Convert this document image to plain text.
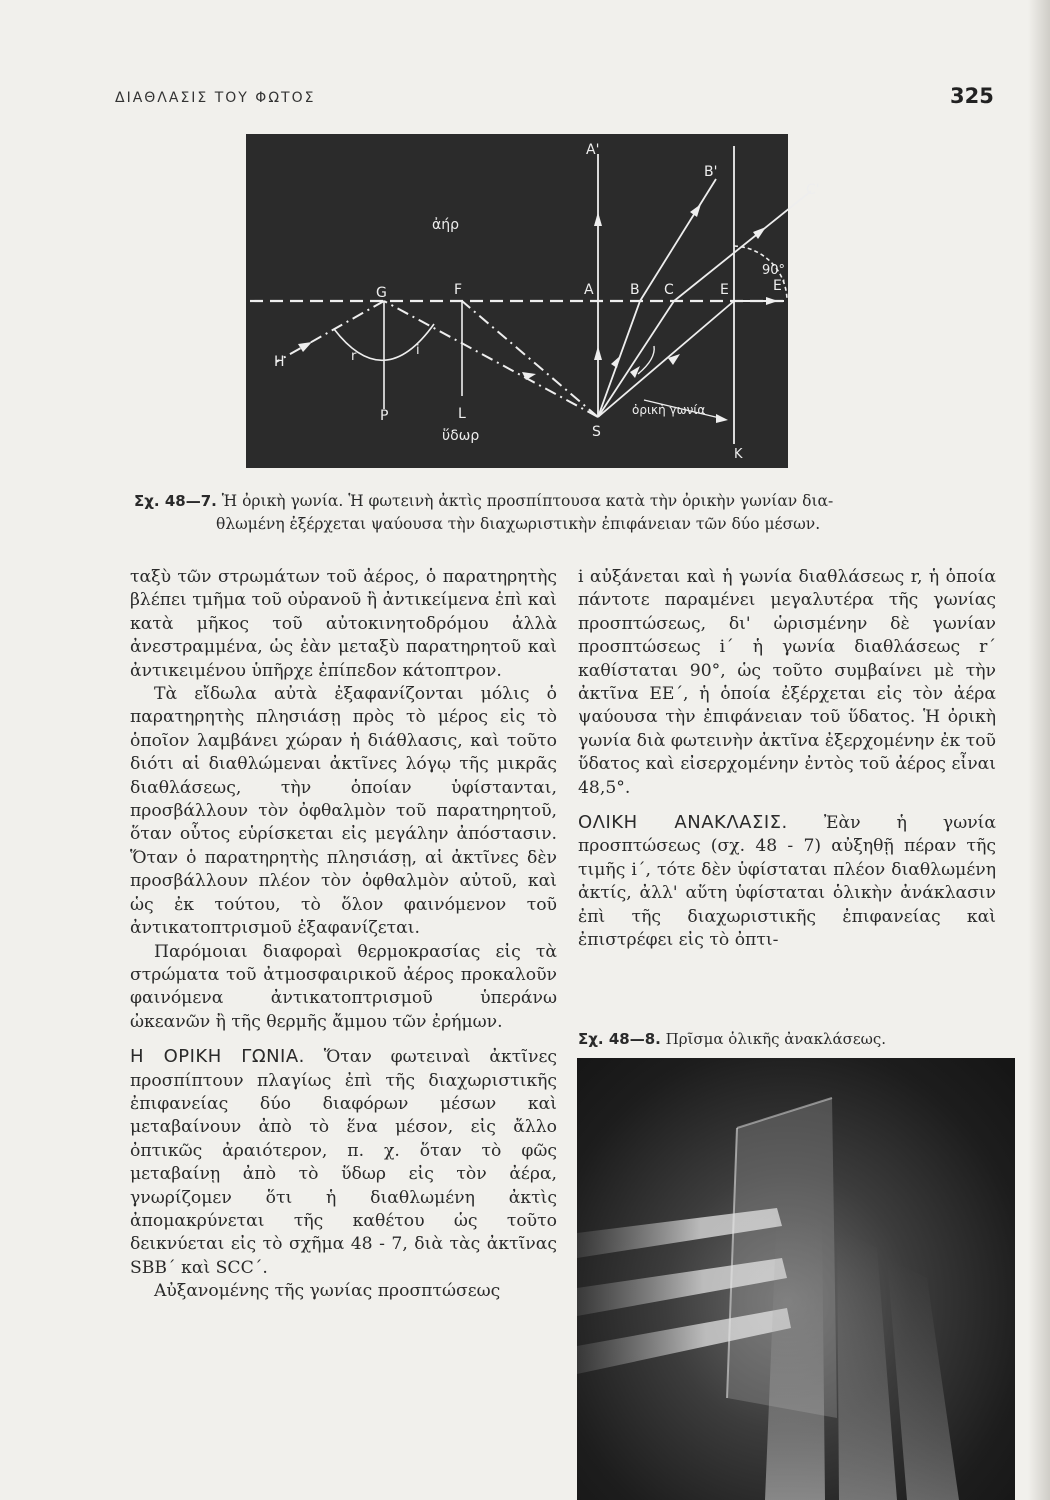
ΔΙΑΘΛΑΣΙΣ ΤΟΥ ΦΩΤΟΣ	325
A'
B'
C'
E'
ἀήρ
G	F	A	B C	E
90°
H	r	i
P	L
ὕδωρ	S
ὀρικὴ γωνία
K
Σχ. 48—7. Ἡ ὀρικὴ γωνία. Ἡ φωτεινὴ ἀκτὶς προσπίπτουσα κατὰ τὴν ὀρικὴν γωνίαν δια-
θλωμένη ἐξέρχεται ψαύουσα τὴν διαχωριστικὴν ἐπιφάνειαν τῶν δύο μέσων.

ταξὺ τῶν στρωμάτων τοῦ ἀέρος, ὁ παρατηρητὴς βλέπει τμῆμα τοῦ οὐρανοῦ ἢ ἀντικείμενα ἐπὶ καὶ κατὰ μῆκος τοῦ αὐτοκινητοδρόμου ἀλλὰ ἀνεστραμμένα, ὡς ἐὰν μεταξὺ παρατηρητοῦ καὶ ἀντικειμένου ὑπῆρχε ἐπίπεδον κάτοπτρον.

Τὰ εἴδωλα αὐτὰ ἐξαφανίζονται μόλις ὁ παρατηρητὴς πλησιάσῃ πρὸς τὸ μέρος εἰς τὸ ὁποῖον λαμβάνει χώραν ἡ διάθλασις, καὶ τοῦτο διότι αἱ διαθλώμεναι ἀκτῖνες λόγῳ τῆς μικρᾶς διαθλάσεως, τὴν ὁποίαν ὑφίστανται, προσβάλλουν τὸν ὀφθαλμὸν τοῦ παρατηρητοῦ, ὅταν οὗτος εὑρίσκεται εἰς μεγάλην ἀπόστασιν. Ὅταν ὁ παρατηρητὴς πλησιάσῃ, αἱ ἀκτῖνες δὲν προσβάλλουν πλέον τὸν ὀφθαλμὸν αὐτοῦ, καὶ ὡς ἐκ τούτου, τὸ ὅλον φαινόμενον τοῦ ἀντικατοπτρισμοῦ ἐξαφανίζεται.

Παρόμοιαι διαφοραὶ θερμοκρασίας εἰς τὰ στρώματα τοῦ ἀτμοσφαιρικοῦ ἀέρος προκαλοῦν φαινόμενα ἀντικατοπτρισμοῦ ὑπεράνω ὠκεανῶν ἢ τῆς θερμῆς ἄμμου τῶν ἐρήμων.

Η ΟΡΙΚΗ ΓΩΝΙΑ. Ὅταν φωτειναὶ ἀκτῖνες προσπίπτουν πλαγίως ἐπὶ τῆς διαχωριστικῆς ἐπιφανείας δύο διαφόρων μέσων καὶ μεταβαίνουν ἀπὸ τὸ ἕνα μέσον, εἰς ἄλλο ὀπτικῶς ἀραιότερον, π. χ. ὅταν τὸ φῶς μεταβαίνῃ ἀπὸ τὸ ὕδωρ εἰς τὸν ἀέρα, γνωρίζομεν ὅτι ἡ διαθλωμένη ἀκτὶς ἀπομακρύνεται τῆς καθέτου ὡς τοῦτο δεικνύεται εἰς τὸ σχῆμα 48 - 7, διὰ τὰς ἀκτῖνας SBB΄ καὶ SCC΄.

Αὐξανομένης τῆς γωνίας προσπτώσεως

i αὐξάνεται καὶ ἡ γωνία διαθλάσεως r, ἡ ὁποία πάντοτε παραμένει μεγαλυτέρα τῆς γωνίας προσπτώσεως, δι' ὡρισμένην δὲ γωνίαν προσπτώσεως i΄ ἡ γωνία διαθλάσεως r΄ καθίσταται 90°, ὡς τοῦτο συμβαίνει μὲ τὴν ἀκτῖνα EE΄, ἡ ὁποία ἐξέρχεται εἰς τὸν ἀέρα ψαύουσα τὴν ἐπιφάνειαν τοῦ ὕδατος. Ἡ ὀρικὴ γωνία διὰ φωτεινὴν ἀκτῖνα ἐξερχομένην ἐκ τοῦ ὕδατος καὶ εἰσερχομένην ἐντὸς τοῦ ἀέρος εἶναι 48,5°.

ΟΛΙΚΗ ΑΝΑΚΛΑΣΙΣ. Ἐὰν ἡ γωνία προσπτώσεως (σχ. 48 - 7) αὐξηθῇ πέραν τῆς τιμῆς i΄, τότε δὲν ὑφίσταται πλέον διαθλωμένη ἀκτίς, ἀλλ' αὕτη ὑφίσταται ὁλικὴν ἀνάκλασιν ἐπὶ τῆς διαχωριστικῆς ἐπιφανείας καὶ ἐπιστρέφει εἰς τὸ ὀπτι-

Σχ. 48—8. Πρῖσμα ὁλικῆς ἀνακλάσεως.
